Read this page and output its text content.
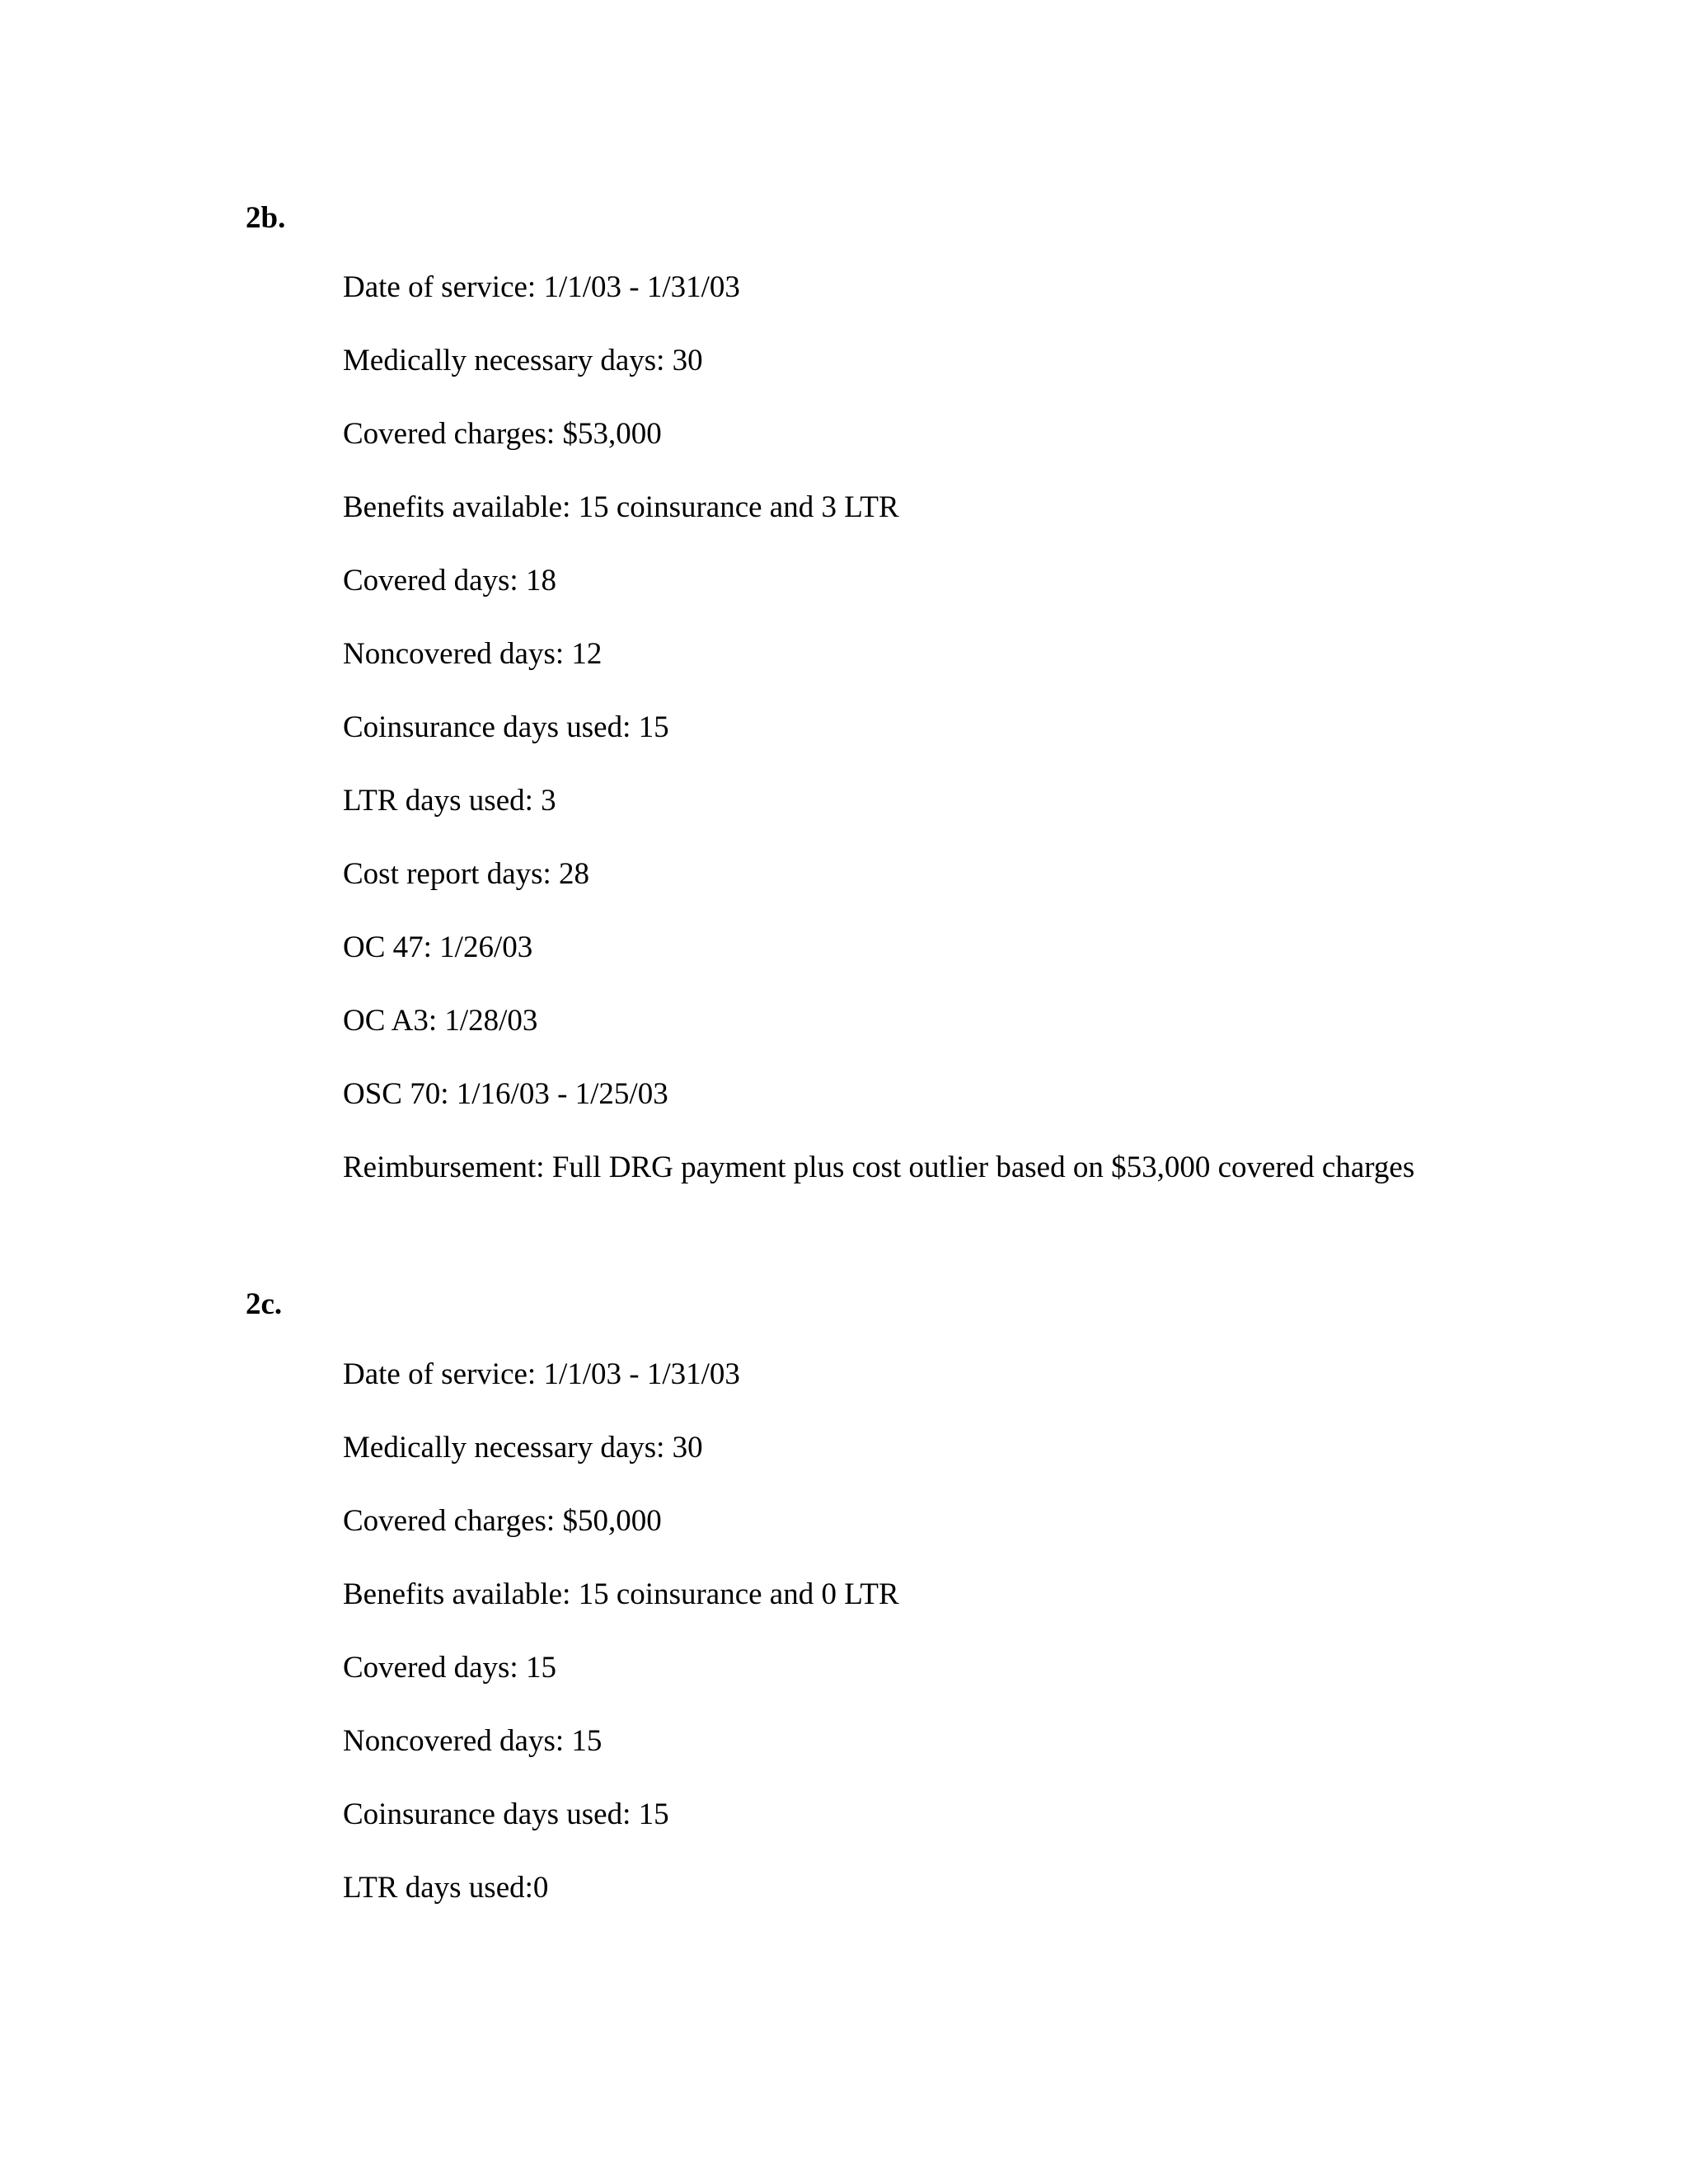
2b.

Date of service: 1/1/03 - 1/31/03

Medically necessary days: 30

Covered charges: $53,000

Benefits available: 15 coinsurance and 3 LTR

Covered days: 18

Noncovered days: 12

Coinsurance days used: 15

LTR days used: 3

Cost report days: 28

OC 47: 1/26/03

OC A3: 1/28/03

OSC 70: 1/16/03 - 1/25/03

Reimbursement: Full DRG payment plus cost outlier based on $53,000 covered charges

2c.

Date of service: 1/1/03 - 1/31/03

Medically necessary days: 30

Covered charges: $50,000

Benefits available: 15 coinsurance and 0 LTR

Covered days: 15

Noncovered days: 15

Coinsurance days used: 15

LTR days used:0
